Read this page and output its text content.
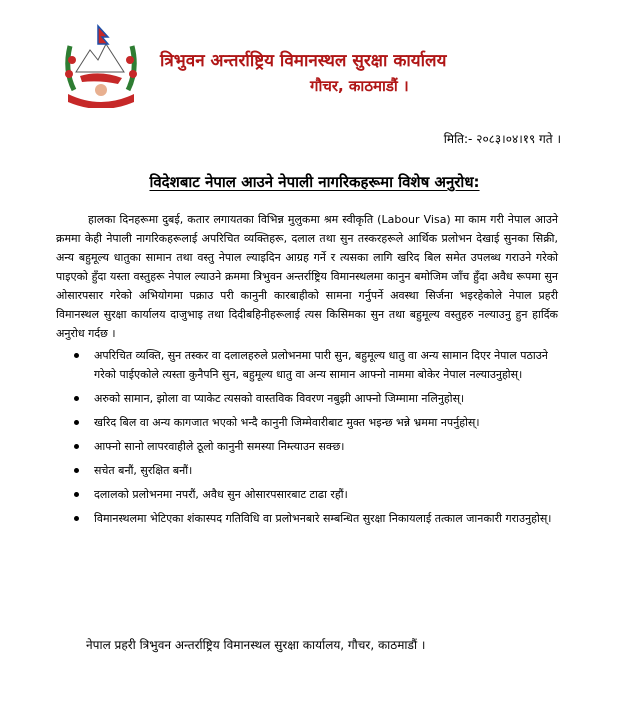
त्रिभुवन अन्तर्राष्ट्रिय विमानस्थल सुरक्षा कार्यालय
गौचर, काठमाडौं ।
मिति:- २०८३।०४।१९ गते ।
विदेशबाट नेपाल आउने नेपाली नागरिकहरूमा विशेष अनुरोध:

हालका दिनहरूमा दुबई, कतार लगायतका विभिन्न मुलुकमा श्रम स्वीकृति (Labour Visa) मा काम गरी नेपाल आउने क्रममा केही नेपाली नागरिकहरूलाई अपरिचित व्यक्तिहरू, दलाल तथा सुन तस्करहरूले आर्थिक प्रलोभन देखाई सुनका सिक्री, अन्य बहुमूल्य धातुका सामान तथा वस्तु नेपाल ल्याइदिन आग्रह गर्ने र त्यसका लागि खरिद बिल समेत उपलब्ध गराउने गरेको पाइएको हुँदा यस्ता वस्तुहरू नेपाल ल्याउने क्रममा त्रिभुवन अन्तर्राष्ट्रिय विमानस्थलमा कानुन बमोजिम जाँच हुँदा अवैध रूपमा सुन ओसारपसार गरेको अभियोगमा पक्राउ परी कानुनी कारबाहीको सामना गर्नुपर्ने अवस्था सिर्जना भइरहेकोले नेपाल प्रहरी विमानस्थल सुरक्षा कार्यालय दाजुभाइ तथा दिदीबहिनीहरूलाई त्यस किसिमका सुन तथा बहुमूल्य वस्तुहरु नल्याउनु हुन हार्दिक अनुरोध गर्दछ ।

अपरिचित व्यक्ति, सुन तस्कर वा दलालहरुले प्रलोभनमा पारी सुन, बहुमूल्य धातु वा अन्य सामान दिएर नेपाल पठाउने गरेको पाईएकोले त्यस्ता कुनैपनि सुन, बहुमूल्य धातु वा अन्य सामान आफ्नो नाममा बोकेर नेपाल नल्याउनुहोस्।
अरुको सामान, झोला वा प्याकेट त्यसको वास्तविक विवरण नबुझी आफ्नो जिम्मामा नलिनुहोस्।
खरिद बिल वा अन्य कागजात भएको भन्दै कानुनी जिम्मेवारीबाट मुक्त भइन्छ भन्ने भ्रममा नपर्नुहोस्।
आफ्नो सानो लापरवाहीले ठूलो कानुनी समस्या निम्त्याउन सक्छ।
सचेत बनौं, सुरक्षित बनौं।
दलालको प्रलोभनमा नपरौं, अवैध सुन ओसारपसारबाट टाढा रहौं।
विमानस्थलमा भेटिएका शंकास्पद गतिविधि वा प्रलोभनबारे सम्बन्धित सुरक्षा निकायलाई तत्काल जानकारी गराउनुहोस्।
नेपाल प्रहरी त्रिभुवन अन्तर्राष्ट्रिय विमानस्थल सुरक्षा कार्यालय, गौचर, काठमाडौं ।
